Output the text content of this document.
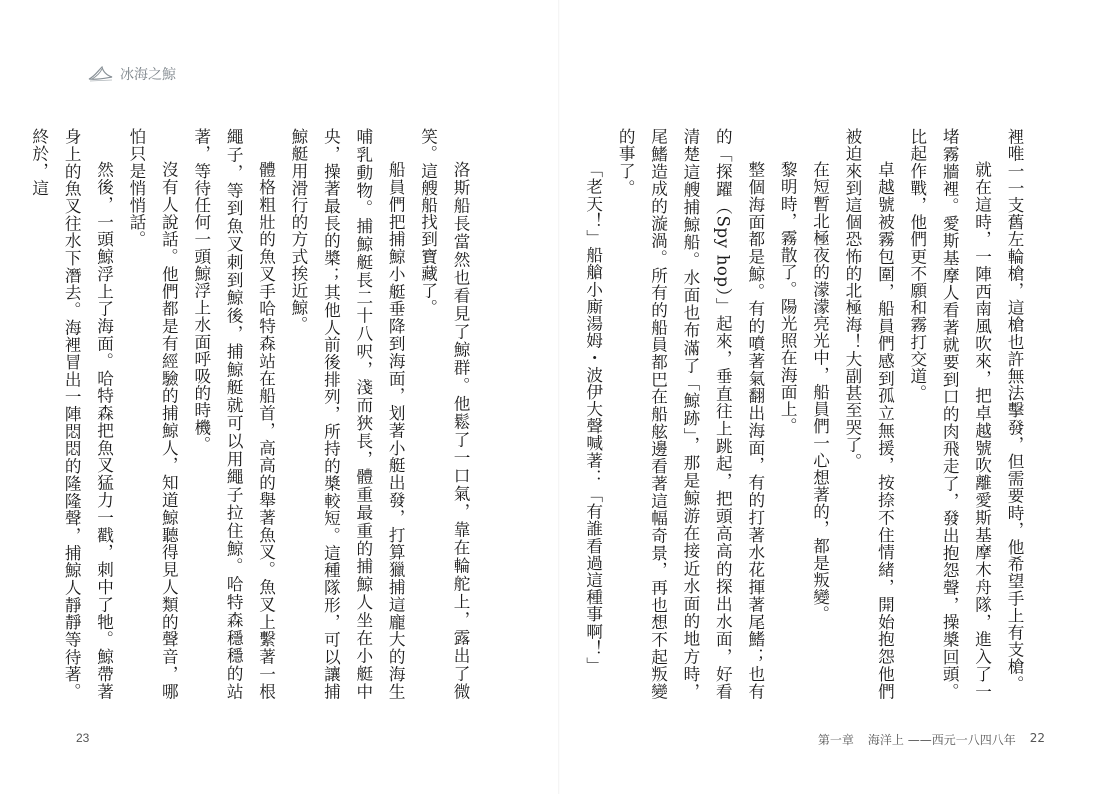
冰海之鯨

洛斯船長當然也看見了鯨群。他鬆了一口氣，靠在輪舵上，露出了微笑。這艘船找到寶藏了。

船員們把捕鯨小艇垂降到海面，划著小艇出發，打算獵捕這龐大的海生哺乳動物。捕鯨艇長二十八呎，淺而狹長，體重最重的捕鯨人坐在小艇中央，操著最長的槳；其他人前後排列，所持的槳較短。這種隊形，可以讓捕鯨艇用滑行的方式挨近鯨。

體格粗壯的魚叉手哈特森站在船首，高高的舉著魚叉。魚叉上繫著一根繩子，等到魚叉刺到鯨後，捕鯨艇就可以用繩子拉住鯨。哈特森穩穩的站著，等待任何一頭鯨浮上水面呼吸的時機。

沒有人說話。他們都是有經驗的捕鯨人，知道鯨聽得見人類的聲音，哪怕只是悄悄話。

然後，一頭鯨浮上了海面。哈特森把魚叉猛力一戳，刺中了牠。鯨帶著身上的魚叉往水下潛去。海裡冒出一陣悶悶的隆隆聲，捕鯨人靜靜等待著。終於，這

23

裡唯一一支舊左輪槍，這槍也許無法擊發，但需要時，他希望手上有支槍。

就在這時，一陣西南風吹來，把卓越號吹離愛斯基摩木舟隊，進入了一堵霧牆裡。愛斯基摩人看著就要到口的肉飛走了，發出抱怨聲，操槳回頭。比起作戰，他們更不願和霧打交道。

卓越號被霧包圍，船員們感到孤立無援，按捺不住情緒，開始抱怨他們被迫來到這個恐怖的北極海！大副甚至哭了。

在短暫北極夜的濛濛亮光中，船員們一心想著的，都是叛變。

黎明時，霧散了。陽光照在海面上。

整個海面都是鯨。有的噴著氣翻出海面，有的打著水花揮著尾鰭；也有的「探躍（Spy hop）」起來，垂直往上跳起，把頭高高的探出水面，好看清楚這艘捕鯨船。水面也布滿了「鯨跡」，那是鯨游在接近水面的地方時，尾鰭造成的漩渦。所有的船員都巴在船舷邊看著這幅奇景，再也想不起叛變的事了。

「老天！」船艙小廝湯姆・波伊大聲喊著：「有誰看過這種事啊！」

第一章 海洋上 ——西元一八四八年 22
